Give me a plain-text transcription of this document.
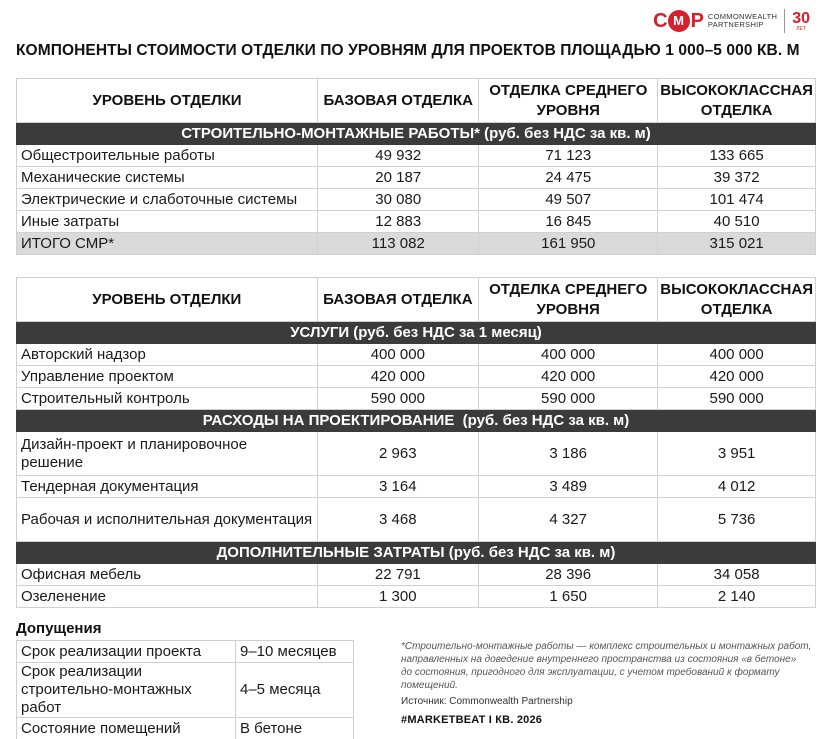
C M P COMMONWEALTH
PARTNERSHIP	30
ЛЕТ
КОМПОНЕНТЫ СТОИМОСТИ ОТДЕЛКИ ПО УРОВНЯМ ДЛЯ ПРОЕКТОВ ПЛОЩАДЬЮ 1 000–5 000 КВ. М
УРОВЕНЬ ОТДЕЛКИ	БАЗОВАЯ ОТДЕЛКА	ОТДЕЛКА СРЕДНЕГО УРОВНЯ	ВЫСОКОКЛАССНАЯ ОТДЕЛКА
СТРОИТЕЛЬНО-МОНТАЖНЫЕ РАБОТЫ* (руб. без НДС за кв. м)			
Общестроительные работы	49 932	71 123	133 665
Механические системы	20 187	24 475	39 372
Электрические и слаботочные системы	30 080	49 507	101 474
Иные затраты	12 883	16 845	40 510
ИТОГО СМР*	113 082	161 950	315 021
УРОВЕНЬ ОТДЕЛКИ	БАЗОВАЯ ОТДЕЛКА	ОТДЕЛКА СРЕДНЕГО УРОВНЯ	ВЫСОКОКЛАССНАЯ ОТДЕЛКА
УСЛУГИ (руб. без НДС за 1 месяц)			
Авторский надзор	400 000	400 000	400 000
Управление проектом	420 000	420 000	420 000
Строительный контроль	590 000	590 000	590 000
РАСХОДЫ НА ПРОЕКТИРОВАНИЕ  (руб. без НДС за кв. м)			
Дизайн-проект и планировочное решение	2 963	3 186	3 951
Тендерная документация	3 164	3 489	4 012
Рабочая и исполнительная документация	3 468	4 327	5 736
ДОПОЛНИТЕЛЬНЫЕ ЗАТРАТЫ (руб. без НДС за кв. м)			
Офисная мебель	22 791	28 396	34 058
Озеленение	1 300	1 650	2 140
Допущения
Срок реализации проекта	9–10 месяцев
Срок реализации строительно-монтажных работ	4–5 месяца
Состояние помещений	В бетоне
*Строительно-монтажные работы — комплекс строительных и монтажных работ,
направленных на доведение внутреннего пространства из состояния «в бетоне»
до состояния, пригодного для эксплуатации, с учетом требований к формату помещений.
Источник: Commonwealth Partnership
#MARKETBEAT I КВ. 2026
